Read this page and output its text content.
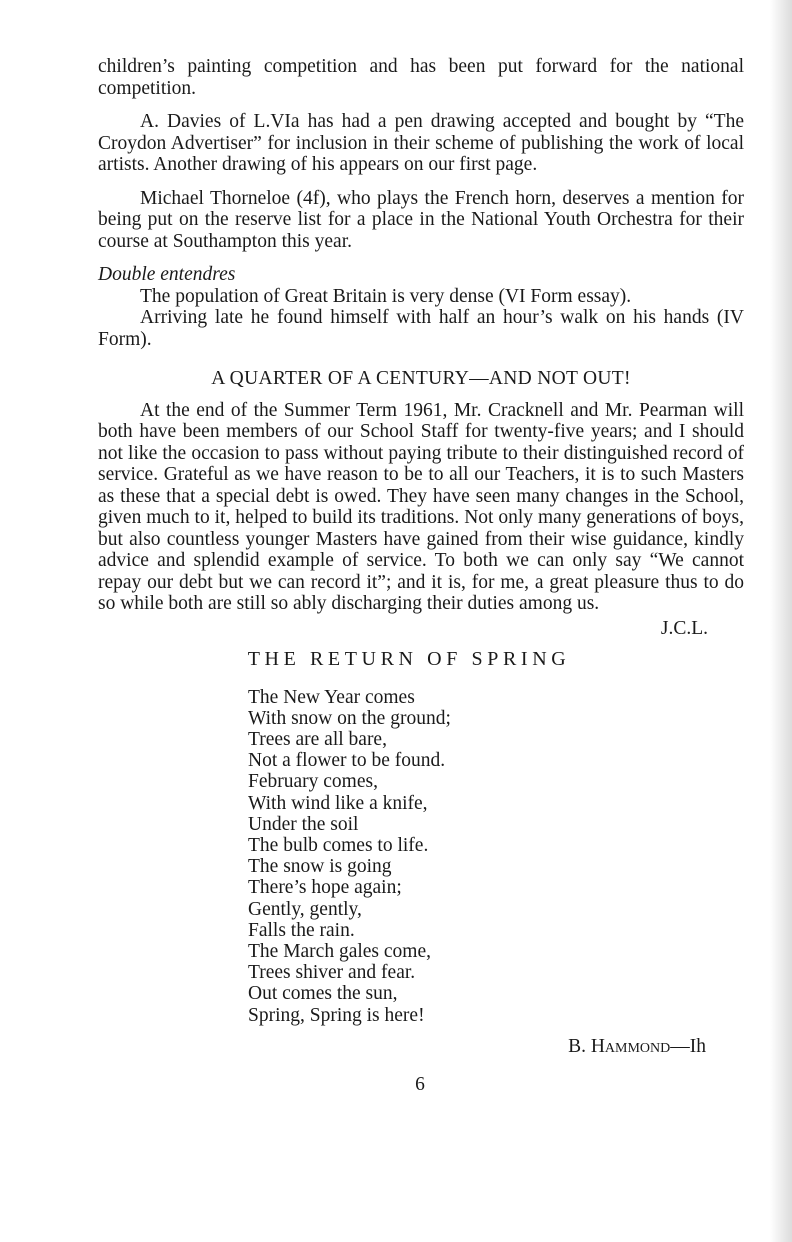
children’s painting competition and has been put forward for the national competition.

A. Davies of L.VIa has had a pen drawing accepted and bought by “The Croydon Advertiser” for inclusion in their scheme of publishing the work of local artists. Another drawing of his appears on our first page.

Michael Thorneloe (4f), who plays the French horn, deserves a mention for being put on the reserve list for a place in the National Youth Orchestra for their course at Southampton this year.

Double entendres

The population of Great Britain is very dense (VI Form essay).

Arriving late he found himself with half an hour’s walk on his hands (IV Form).

A QUARTER OF A CENTURY—AND NOT OUT!

At the end of the Summer Term 1961, Mr. Cracknell and Mr. Pearman will both have been members of our School Staff for twenty-five years; and I should not like the occasion to pass without paying tribute to their distinguished record of service. Grateful as we have reason to be to all our Teachers, it is to such Masters as these that a special debt is owed. They have seen many changes in the School, given much to it, helped to build its traditions. Not only many generations of boys, but also countless younger Masters have gained from their wise guidance, kindly advice and splendid example of service. To both we can only say “We cannot repay our debt but we can record it”; and it is, for me, a great pleasure thus to do so while both are still so ably discharging their duties among us.

J.C.L.

THE RETURN OF SPRING

The New Year comes
With snow on the ground;
Trees are all bare,
Not a flower to be found.
February comes,
With wind like a knife,
Under the soil
The bulb comes to life.
The snow is going
There’s hope again;
Gently, gently,
Falls the rain.
The March gales come,
Trees shiver and fear.
Out comes the sun,
Spring, Spring is here!

B. Hammond—Ih

6
